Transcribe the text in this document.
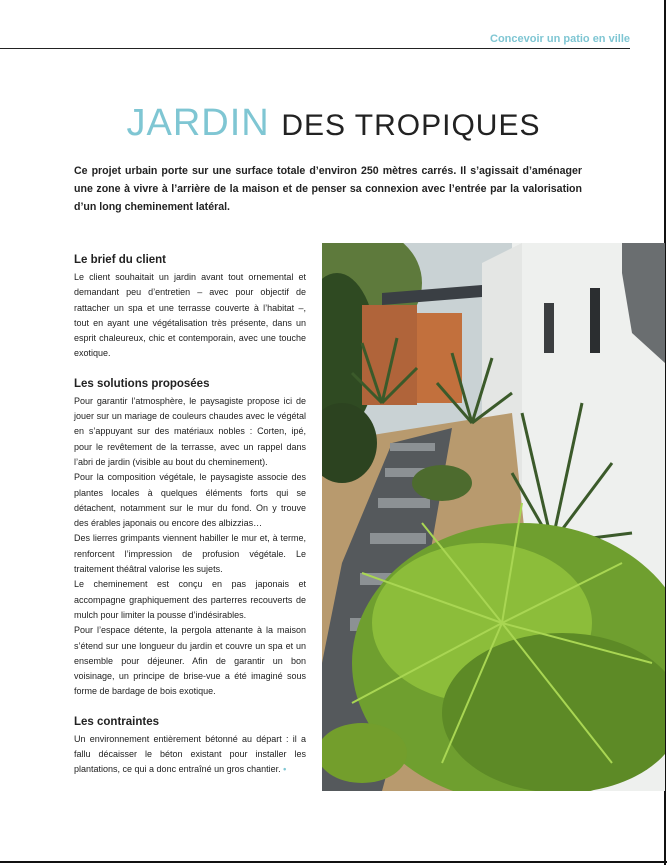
Concevoir un patio en ville
JARDIN DES TROPIQUES
Ce projet urbain porte sur une surface totale d’environ 250 mètres carrés. Il s’agissait d’aménager une zone à vivre à l’arrière de la maison et de penser sa connexion avec l’entrée par la valorisation d’un long cheminement latéral.
Le brief du client

Le client souhaitait un jardin avant tout ornemental et demandant peu d’entretien – avec pour objectif de rattacher un spa et une terrasse couverte à l’habitat –, tout en ayant une végétalisation très présente, dans un esprit chaleureux, chic et contemporain, avec une touche exotique.

Les solutions proposées

Pour garantir l’atmosphère, le paysagiste propose ici de jouer sur un mariage de couleurs chaudes avec le végétal en s’appuyant sur des matériaux nobles : Corten, ipé, pour le revêtement de la terrasse, avec un rappel dans l’abri de jardin (visible au bout du cheminement).

Pour la composition végétale, le paysagiste associe des plantes locales à quelques éléments forts qui se détachent, notamment sur le mur du fond. On y trouve des érables japonais ou encore des albizzias…

Des lierres grimpants viennent habiller le mur et, à terme, renforcent l’impression de profusion végétale. Le traitement théâtral valorise les sujets.

Le cheminement est conçu en pas japonais et accompagne graphiquement des parterres recouverts de mulch pour limiter la pousse d’indésirables.

Pour l’espace détente, la pergola attenante à la maison s’étend sur une longueur du jardin et couvre un spa et un ensemble pour déjeuner. Afin de garantir un bon voisinage, un principe de brise-vue a été imaginé sous forme de bardage de bois exotique.

Les contraintes

Un environnement entièrement bétonné au départ : il a fallu décaisser le béton existant pour installer les plantations, ce qui a donc entraîné un gros chantier. •
